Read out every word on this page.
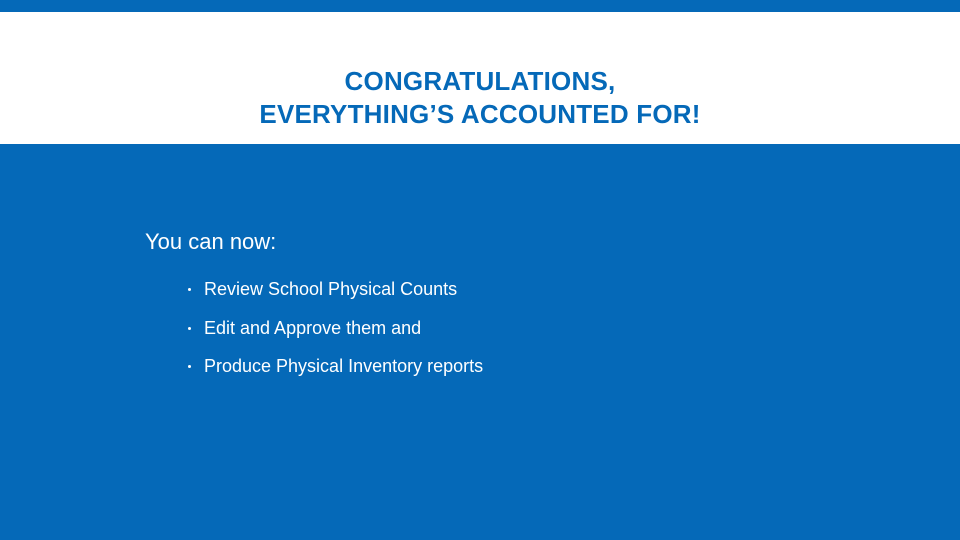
CONGRATULATIONS,
EVERYTHING’S ACCOUNTED FOR!
You can now:
Review School Physical Counts
Edit and Approve them and
Produce Physical Inventory reports
